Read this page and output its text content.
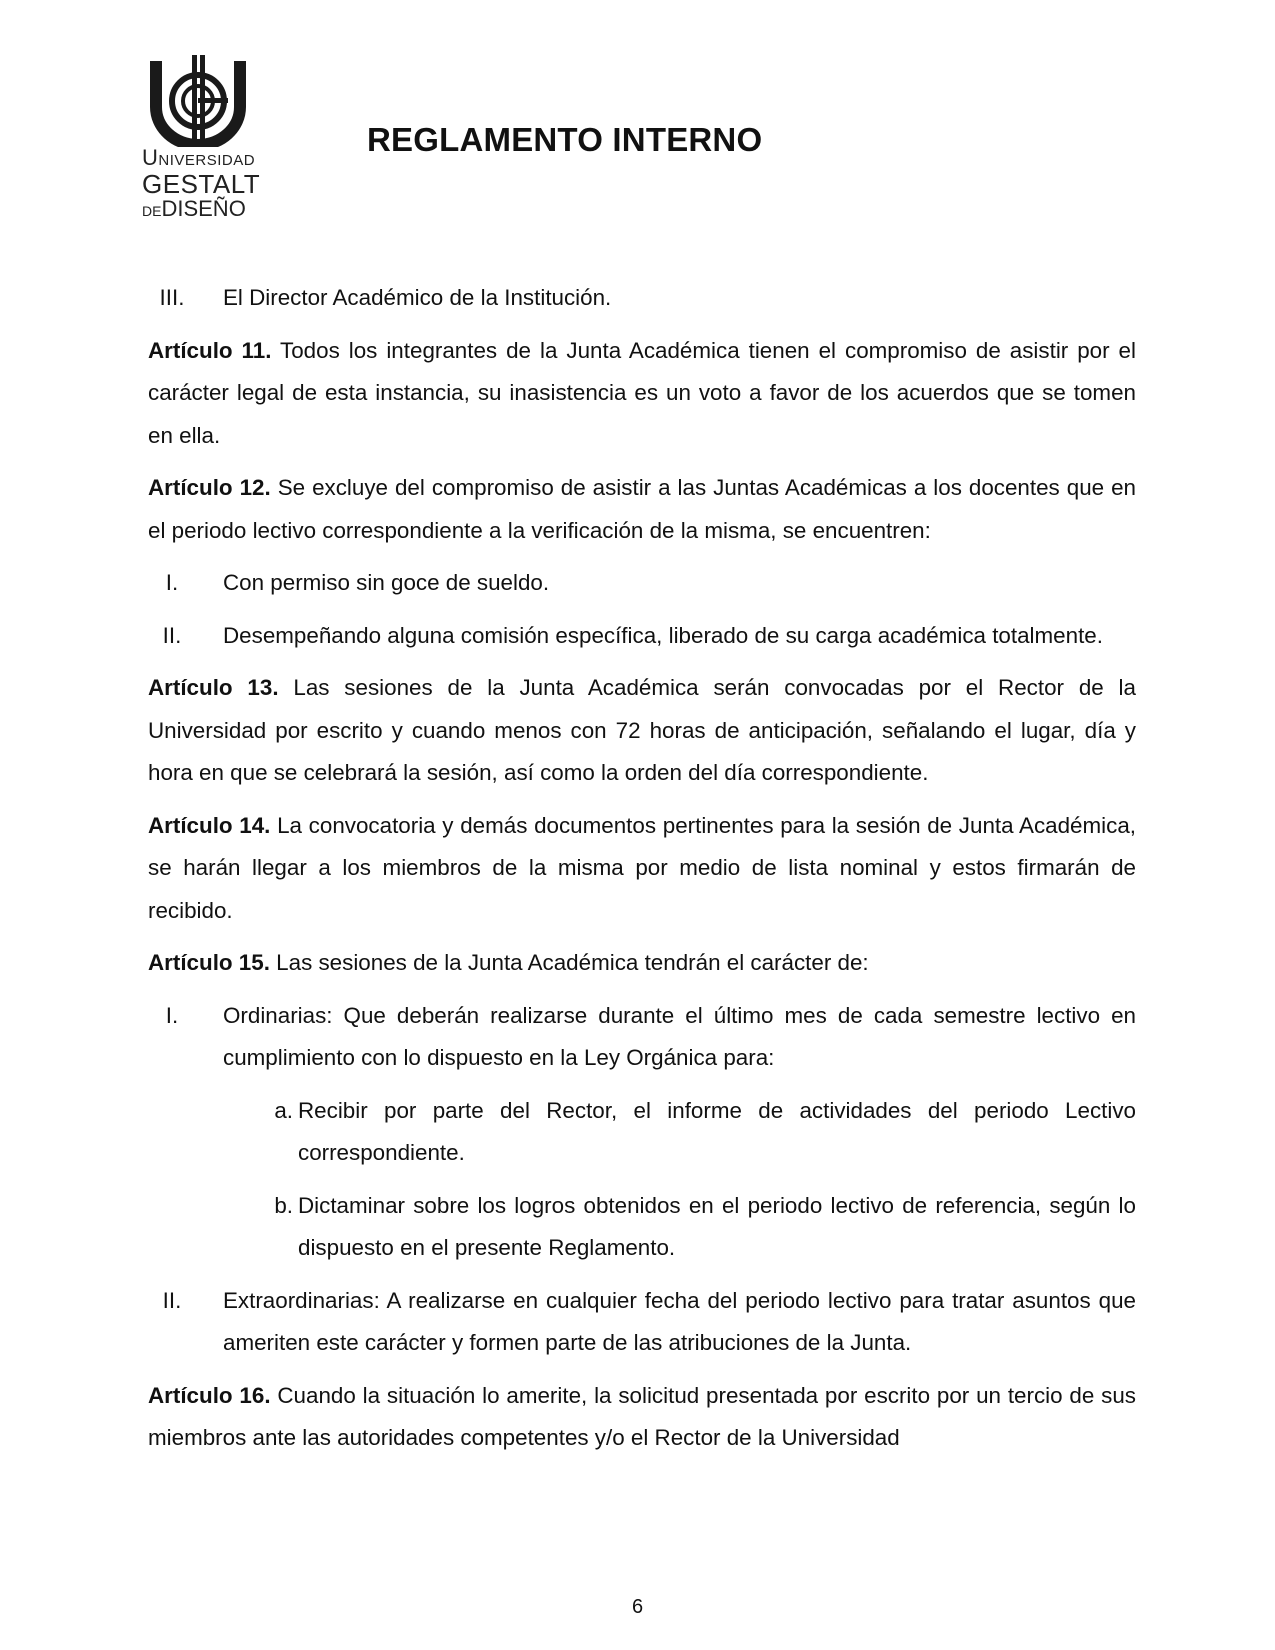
UNIVERSIDAD
GESTALT
DEDISEÑO
REGLAMENTO INTERNO
III.	El Director Académico de la Institución.

Artículo 11. Todos los integrantes de la Junta Académica tienen el compromiso de asistir por el carácter legal de esta instancia, su inasistencia es un voto a favor de los acuerdos que se tomen en ella.

Artículo 12. Se excluye del compromiso de asistir a las Juntas Académicas a los docentes que en el periodo lectivo correspondiente a la verificación de la misma, se encuentren:

I.	Con permiso sin goce de sueldo.
II.	Desempeñando alguna comisión específica, liberado de su carga académica totalmente.

Artículo 13. Las sesiones de la Junta Académica serán convocadas por el Rector de la Universidad por escrito y cuando menos con 72 horas de anticipación, señalando el lugar, día y hora en que se celebrará la sesión, así como la orden del día correspondiente.

Artículo 14. La convocatoria y demás documentos pertinentes para la sesión de Junta Académica, se harán llegar a los miembros de la misma por medio de lista nominal y estos firmarán de recibido.

Artículo 15. Las sesiones de la Junta Académica tendrán el carácter de:

I.	Ordinarias: Que deberán realizarse durante el último mes de cada semestre lectivo en cumplimiento con lo dispuesto en la Ley Orgánica para:
a. Recibir por parte del Rector, el informe de actividades del periodo Lectivo correspondiente.
b. Dictaminar sobre los logros obtenidos en el periodo lectivo de referencia, según lo dispuesto en el presente Reglamento.
II.	Extraordinarias: A realizarse en cualquier fecha del periodo lectivo para tratar asuntos que ameriten este carácter y formen parte de las atribuciones de la Junta.

Artículo 16. Cuando la situación lo amerite, la solicitud presentada por escrito por un tercio de sus miembros ante las autoridades competentes y/o el Rector de la Universidad

6
